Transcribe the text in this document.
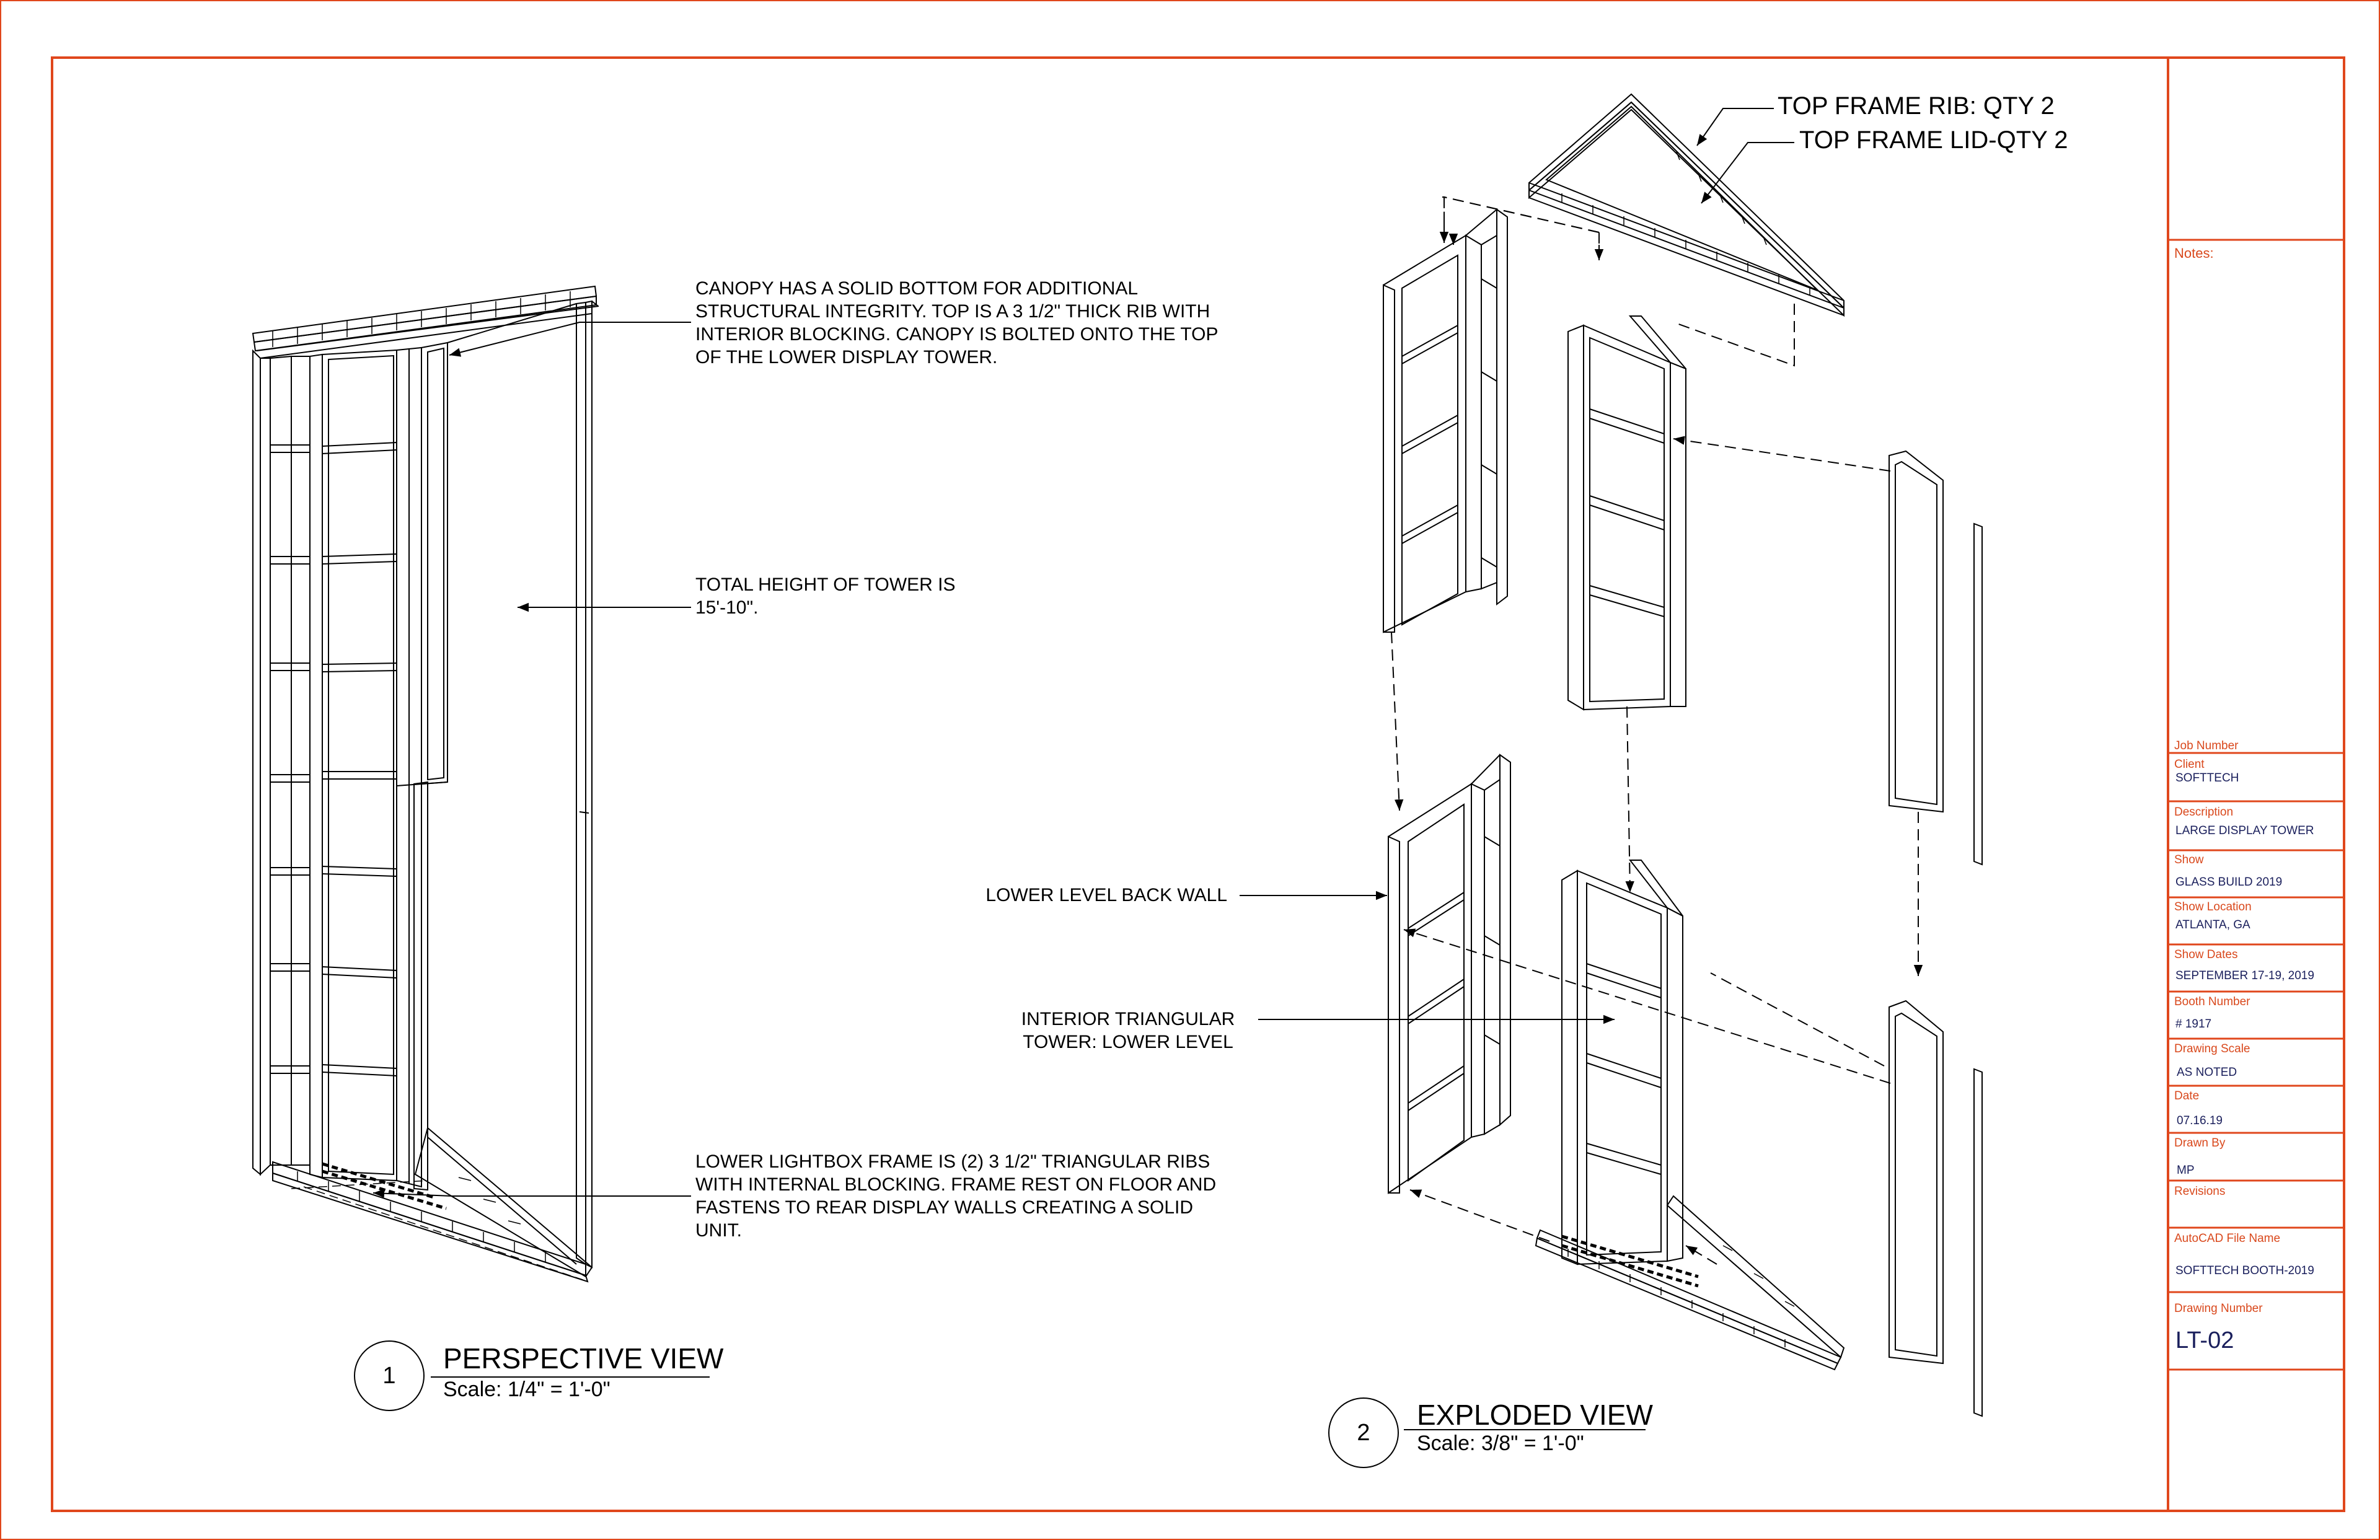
CANOPY HAS A SOLID BOTTOM FOR ADDITIONAL
STRUCTURAL INTEGRITY. TOP IS A 3 1/2" THICK RIB WITH
INTERIOR BLOCKING. CANOPY IS BOLTED ONTO THE TOP
OF THE LOWER DISPLAY TOWER.
TOTAL HEIGHT OF TOWER IS
15'-10".
LOWER LIGHTBOX FRAME IS (2) 3 1/2" TRIANGULAR RIBS
WITH INTERNAL BLOCKING. FRAME REST ON FLOOR AND
FASTENS TO REAR DISPLAY WALLS CREATING A SOLID
UNIT.
LOWER LEVEL BACK WALL
INTERIOR TRIANGULAR
TOWER: LOWER LEVEL
TOP FRAME RIB: QTY 2
TOP FRAME LID-QTY 2
1
PERSPECTIVE VIEW
Scale: 1/4" = 1'-0"
2
EXPLODED VIEW
Scale: 3/8" = 1'-0"
Notes:
Job Number
Client
SOFTTECH
Description
LARGE DISPLAY TOWER
Show
GLASS BUILD 2019
Show Location
ATLANTA, GA
Show Dates
SEPTEMBER 17-19, 2019
Booth Number
# 1917
Drawing Scale
AS NOTED
Date
07.16.19
Drawn By
MP
Revisions
AutoCAD File Name
SOFTTECH BOOTH-2019
Drawing Number
LT-02
